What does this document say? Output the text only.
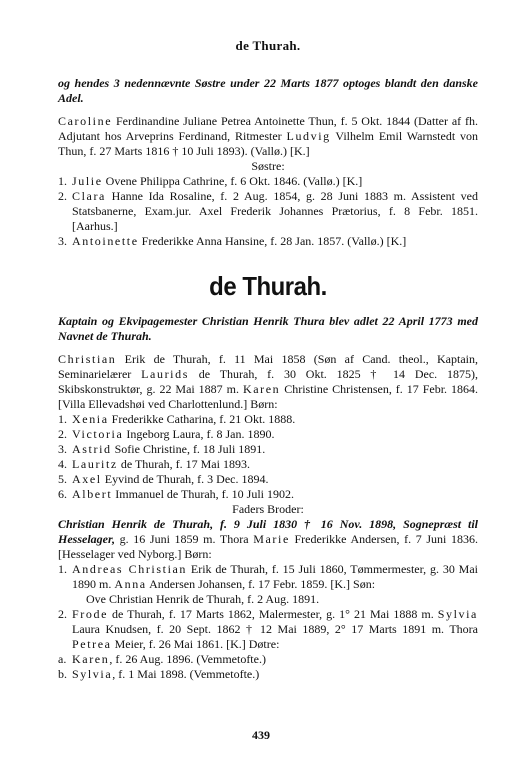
de Thurah.

og hendes 3 nedennævnte Søstre under 22 Marts 1877 optoges blandt den danske Adel.

Caroline Ferdinandine Juliane Petrea Antoinette Thun, f. 5 Okt. 1844 (Datter af fh. Adjutant hos Arveprins Ferdinand, Ritmester Ludvig Vilhelm Emil Warnstedt von Thun, f. 27 Marts 1816 † 10 Juli 1893). (Vallø.) [K.]

Søstre:

1. Julie Ovene Philippa Cathrine, f. 6 Okt. 1846. (Vallø.) [K.]
2. Clara Hanne Ida Rosaline, f. 2 Aug. 1854, g. 28 Juni 1883 m. Assistent ved Statsbanerne, Exam.jur. Axel Frederik Johannes Prætorius, f. 8 Febr. 1851. [Aarhus.]
3. Antoinette Frederikke Anna Hansine, f. 28 Jan. 1857. (Vallø.) [K.]
de Thurah.

Kaptain og Ekvipagemester Christian Henrik Thura blev adlet 22 April 1773 med Navnet de Thurah.

Christian Erik de Thurah, f. 11 Mai 1858 (Søn af Cand. theol., Kaptain, Seminarielærer Laurids de Thurah, f. 30 Okt. 1825 † 14 Dec. 1875), Skibskonstruktør, g. 22 Mai 1887 m. Karen Christine Christensen, f. 17 Febr. 1864. [Villa Ellevadshøi ved Charlottenlund.] Børn:

1. Xenia Frederikke Catharina, f. 21 Okt. 1888.
2. Victoria Ingeborg Laura, f. 8 Jan. 1890.
3. Astrid Sofie Christine, f. 18 Juli 1891.
4. Lauritz de Thurah, f. 17 Mai 1893.
5. Axel Eyvind de Thurah, f. 3 Dec. 1894.
6. Albert Immanuel de Thurah, f. 10 Juli 1902.

Faders Broder:

Christian Henrik de Thurah, f. 9 Juli 1830 † 16 Nov. 1898, Sognepræst til Hesselager, g. 16 Juni 1859 m. Thora Marie Frederikke Andersen, f. 7 Juni 1836. [Hesselager ved Nyborg.] Børn:

1. Andreas Christian Erik de Thurah, f. 15 Juli 1860, Tømmermester, g. 30 Mai 1890 m. Anna Andersen Johansen, f. 17 Febr. 1859. [K.] Søn:

Ove Christian Henrik de Thurah, f. 2 Aug. 1891.

2. Frode de Thurah, f. 17 Marts 1862, Malermester, g. 1° 21 Mai 1888 m. Sylvia Laura Knudsen, f. 20 Sept. 1862 † 12 Mai 1889, 2° 17 Marts 1891 m. Thora Petrea Meier, f. 26 Mai 1861. [K.] Døtre:
a. Karen, f. 26 Aug. 1896. (Vemmetofte.)
b. Sylvia, f. 1 Mai 1898. (Vemmetofte.)
439
